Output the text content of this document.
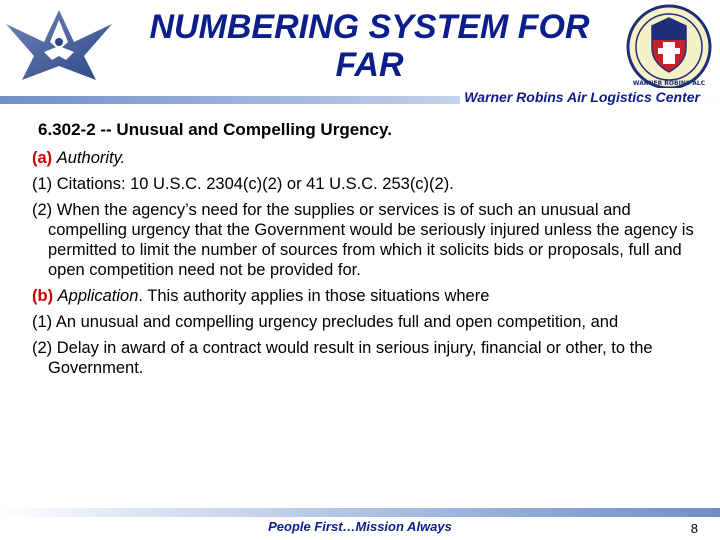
WARNER ROBINS ALC
NUMBERING SYSTEM FOR FAR
Warner Robins Air Logistics Center
6.302-2 -- Unusual and Compelling Urgency.

(a) Authority.

(1) Citations: 10 U.S.C. 2304(c)(2) or 41 U.S.C. 253(c)(2).

(2) When the agency’s need for the supplies or services is of such an unusual and compelling urgency that the Government would be seriously injured unless the agency is permitted to limit the number of sources from which it solicits bids or proposals, full and open competition need not be provided for.

(b) Application. This authority applies in those situations where

(1) An unusual and compelling urgency precludes full and open competition, and

(2) Delay in award of a contract would result in serious injury, financial or other, to the Government.

People First…Mission Always	8
